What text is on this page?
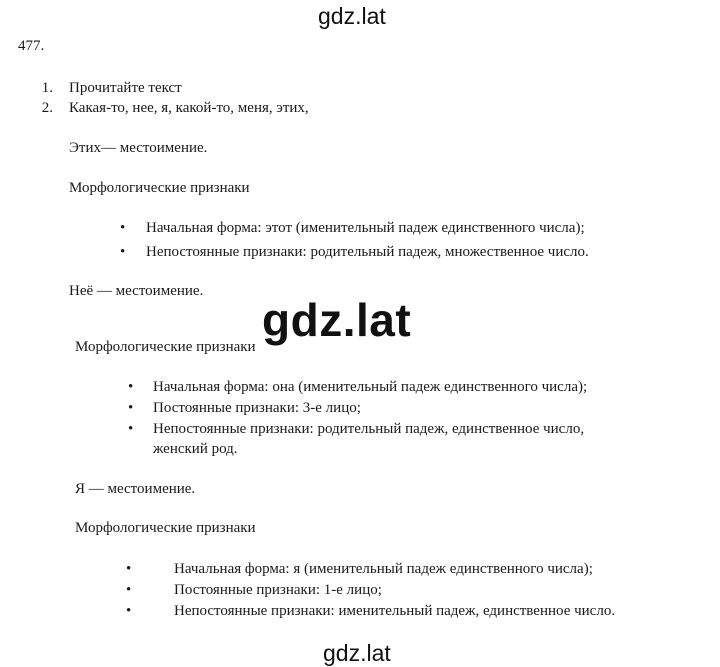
gdz.lat
477.
1. Прочитайте текст
2. Какая-то, нее, я, какой-то, меня, этих,
Этих— местоимение.
Морфологические признаки
• Начальная форма: этот (именительный падеж единственного числа);
• Непостоянные признаки: родительный падеж, множественное число.
Неё — местоимение.
Морфологические признаки
• Начальная форма: она (именительный падеж единственного числа);
• Постоянные признаки: 3-е лицо;
• Непостоянные признаки: родительный падеж, единственное число,
женский род.
Я — местоимение.
Морфологические признаки
•	Начальная форма: я (именительный падеж единственного числа);
•	Постоянные признаки: 1-е лицо;
•	Непостоянные признаки: именительный падеж, единственное число.
gdz.lat
gdz.lat
